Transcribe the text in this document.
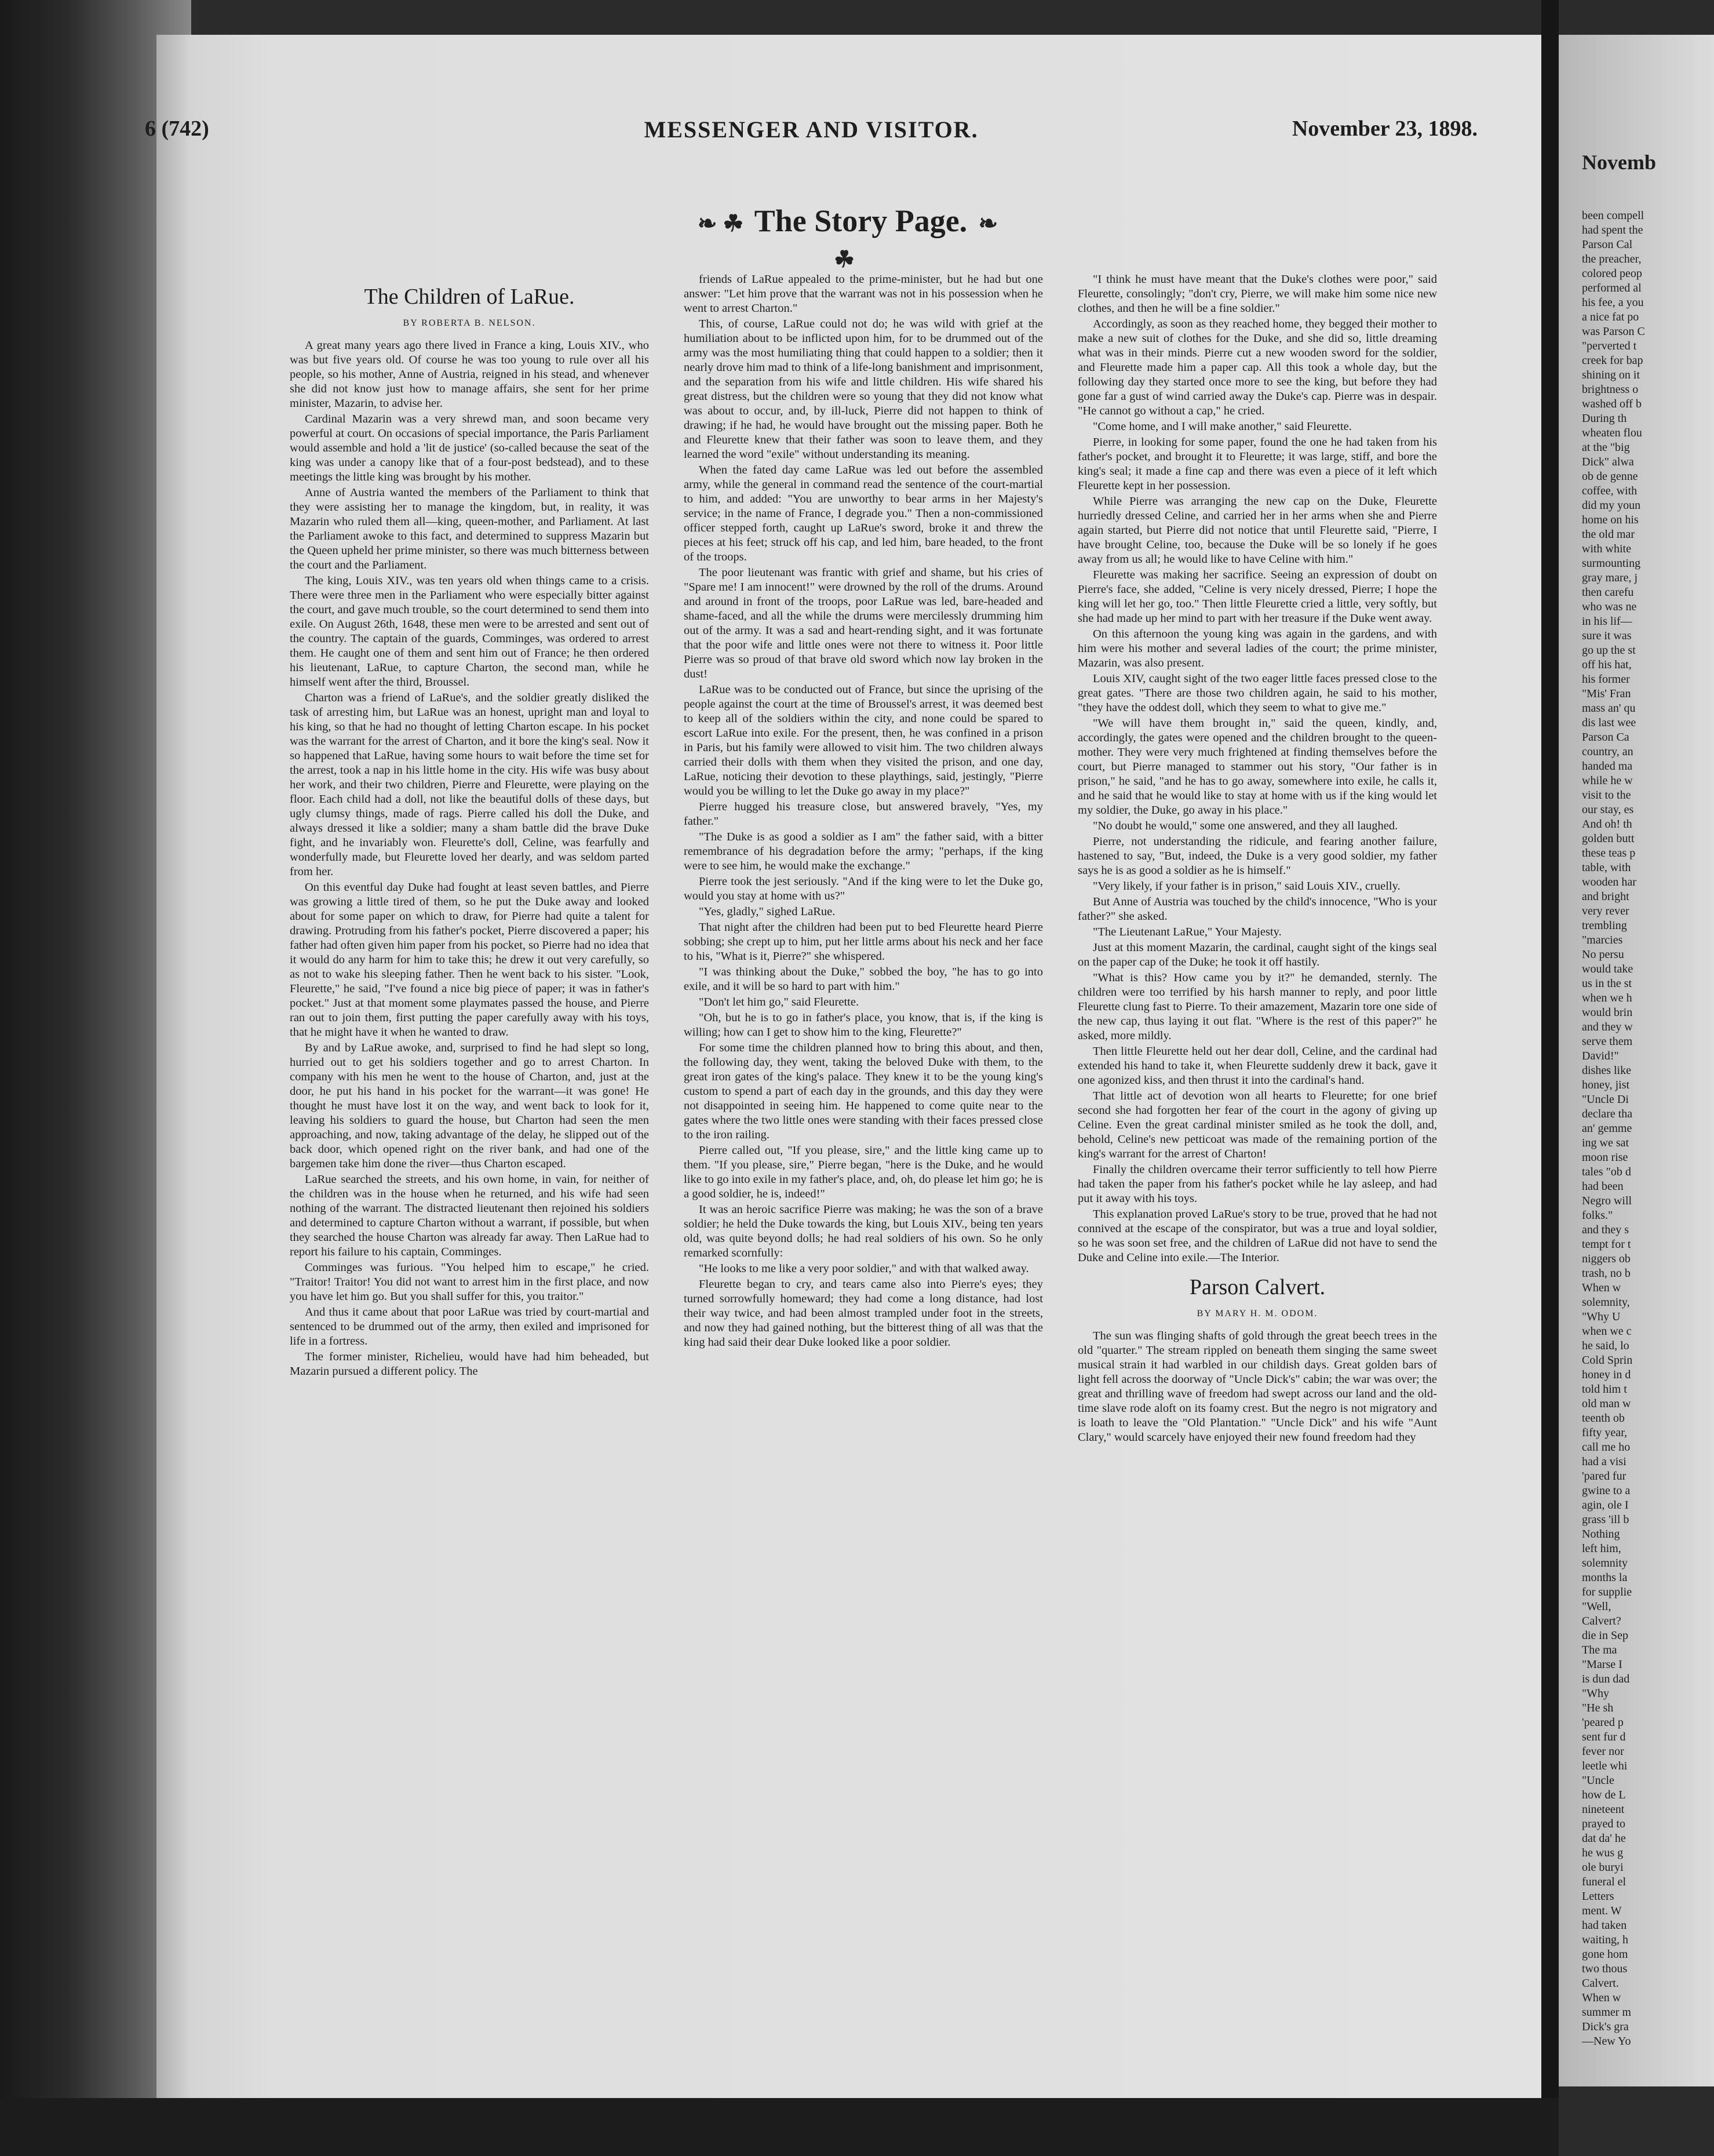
6 (742)	MESSENGER AND VISITOR.	November 23, 1898.
❧ ☘ The Story Page. ❧ ☘
The Children of LaRue.
BY ROBERTA B. NELSON.

A great many years ago there lived in France a king, Louis XIV., who was but five years old. Of course he was too young to rule over all his people, so his mother, Anne of Austria, reigned in his stead, and whenever she did not know just how to manage affairs, she sent for her prime minister, Mazarin, to advise her.

Cardinal Mazarin was a very shrewd man, and soon became very powerful at court. On occasions of special importance, the Paris Parliament would assemble and hold a 'lit de justice' (so-called because the seat of the king was under a canopy like that of a four-post bedstead), and to these meetings the little king was brought by his mother.

Anne of Austria wanted the members of the Parliament to think that they were assisting her to manage the kingdom, but, in reality, it was Mazarin who ruled them all—king, queen-mother, and Parliament. At last the Parliament awoke to this fact, and determined to suppress Mazarin but the Queen upheld her prime minister, so there was much bitterness between the court and the Parliament.

The king, Louis XIV., was ten years old when things came to a crisis. There were three men in the Parliament who were especially bitter against the court, and gave much trouble, so the court determined to send them into exile. On August 26th, 1648, these men were to be arrested and sent out of the country. The captain of the guards, Comminges, was ordered to arrest them. He caught one of them and sent him out of France; he then ordered his lieutenant, LaRue, to capture Charton, the second man, while he himself went after the third, Broussel.

Charton was a friend of LaRue's, and the soldier greatly disliked the task of arresting him, but LaRue was an honest, upright man and loyal to his king, so that he had no thought of letting Charton escape. In his pocket was the warrant for the arrest of Charton, and it bore the king's seal. Now it so happened that LaRue, having some hours to wait before the time set for the arrest, took a nap in his little home in the city. His wife was busy about her work, and their two children, Pierre and Fleurette, were playing on the floor. Each child had a doll, not like the beautiful dolls of these days, but ugly clumsy things, made of rags. Pierre called his doll the Duke, and always dressed it like a soldier; many a sham battle did the brave Duke fight, and he invariably won. Fleurette's doll, Celine, was fearfully and wonderfully made, but Fleurette loved her dearly, and was seldom parted from her.

On this eventful day Duke had fought at least seven battles, and Pierre was growing a little tired of them, so he put the Duke away and looked about for some paper on which to draw, for Pierre had quite a talent for drawing. Protruding from his father's pocket, Pierre discovered a paper; his father had often given him paper from his pocket, so Pierre had no idea that it would do any harm for him to take this; he drew it out very carefully, so as not to wake his sleeping father. Then he went back to his sister. "Look, Fleurette," he said, "I've found a nice big piece of paper; it was in father's pocket." Just at that moment some playmates passed the house, and Pierre ran out to join them, first putting the paper carefully away with his toys, that he might have it when he wanted to draw.

By and by LaRue awoke, and, surprised to find he had slept so long, hurried out to get his soldiers together and go to arrest Charton. In company with his men he went to the house of Charton, and, just at the door, he put his hand in his pocket for the warrant—it was gone! He thought he must have lost it on the way, and went back to look for it, leaving his soldiers to guard the house, but Charton had seen the men approaching, and now, taking advantage of the delay, he slipped out of the back door, which opened right on the river bank, and had one of the bargemen take him done the river—thus Charton escaped.

LaRue searched the streets, and his own home, in vain, for neither of the children was in the house when he returned, and his wife had seen nothing of the warrant. The distracted lieutenant then rejoined his soldiers and determined to capture Charton without a warrant, if possible, but when they searched the house Charton was already far away. Then LaRue had to report his failure to his captain, Comminges.

Comminges was furious. "You helped him to escape," he cried. "Traitor! Traitor! You did not want to arrest him in the first place, and now you have let him go. But you shall suffer for this, you traitor."

And thus it came about that poor LaRue was tried by court-martial and sentenced to be drummed out of the army, then exiled and imprisoned for life in a fortress.

The former minister, Richelieu, would have had him beheaded, but Mazarin pursued a different policy. The

friends of LaRue appealed to the prime-minister, but he had but one answer: "Let him prove that the warrant was not in his possession when he went to arrest Charton."

This, of course, LaRue could not do; he was wild with grief at the humiliation about to be inflicted upon him, for to be drummed out of the army was the most humiliating thing that could happen to a soldier; then it nearly drove him mad to think of a life-long banishment and imprisonment, and the separation from his wife and little children. His wife shared his great distress, but the children were so young that they did not know what was about to occur, and, by ill-luck, Pierre did not happen to think of drawing; if he had, he would have brought out the missing paper. Both he and Fleurette knew that their father was soon to leave them, and they learned the word "exile" without understanding its meaning.

When the fated day came LaRue was led out before the assembled army, while the general in command read the sentence of the court-martial to him, and added: "You are unworthy to bear arms in her Majesty's service; in the name of France, I degrade you." Then a non-commissioned officer stepped forth, caught up LaRue's sword, broke it and threw the pieces at his feet; struck off his cap, and led him, bare headed, to the front of the troops.

The poor lieutenant was frantic with grief and shame, but his cries of "Spare me! I am innocent!" were drowned by the roll of the drums. Around and around in front of the troops, poor LaRue was led, bare-headed and shame-faced, and all the while the drums were mercilessly drumming him out of the army. It was a sad and heart-rending sight, and it was fortunate that the poor wife and little ones were not there to witness it. Poor little Pierre was so proud of that brave old sword which now lay broken in the dust!

LaRue was to be conducted out of France, but since the uprising of the people against the court at the time of Broussel's arrest, it was deemed best to keep all of the soldiers within the city, and none could be spared to escort LaRue into exile. For the present, then, he was confined in a prison in Paris, but his family were allowed to visit him. The two children always carried their dolls with them when they visited the prison, and one day, LaRue, noticing their devotion to these playthings, said, jestingly, "Pierre would you be willing to let the Duke go away in my place?"

Pierre hugged his treasure close, but answered bravely, "Yes, my father."

"The Duke is as good a soldier as I am" the father said, with a bitter remembrance of his degradation before the army; "perhaps, if the king were to see him, he would make the exchange."

Pierre took the jest seriously. "And if the king were to let the Duke go, would you stay at home with us?"

"Yes, gladly," sighed LaRue.

That night after the children had been put to bed Fleurette heard Pierre sobbing; she crept up to him, put her little arms about his neck and her face to his, "What is it, Pierre?" she whispered.

"I was thinking about the Duke," sobbed the boy, "he has to go into exile, and it will be so hard to part with him."

"Don't let him go," said Fleurette.

"Oh, but he is to go in father's place, you know, that is, if the king is willing; how can I get to show him to the king, Fleurette?"

For some time the children planned how to bring this about, and then, the following day, they went, taking the beloved Duke with them, to the great iron gates of the king's palace. They knew it to be the young king's custom to spend a part of each day in the grounds, and this day they were not disappointed in seeing him. He happened to come quite near to the gates where the two little ones were standing with their faces pressed close to the iron railing.

Pierre called out, "If you please, sire," and the little king came up to them. "If you please, sire," Pierre began, "here is the Duke, and he would like to go into exile in my father's place, and, oh, do please let him go; he is a good soldier, he is, indeed!"

It was an heroic sacrifice Pierre was making; he was the son of a brave soldier; he held the Duke towards the king, but Louis XIV., being ten years old, was quite beyond dolls; he had real soldiers of his own. So he only remarked scornfully:

"He looks to me like a very poor soldier," and with that walked away.

Fleurette began to cry, and tears came also into Pierre's eyes; they turned sorrowfully homeward; they had come a long distance, had lost their way twice, and had been almost trampled under foot in the streets, and now they had gained nothing, but the bitterest thing of all was that the king had said their dear Duke looked like a poor soldier.

"I think he must have meant that the Duke's clothes were poor," said Fleurette, consolingly; "don't cry, Pierre, we will make him some nice new clothes, and then he will be a fine soldier."

Accordingly, as soon as they reached home, they begged their mother to make a new suit of clothes for the Duke, and she did so, little dreaming what was in their minds. Pierre cut a new wooden sword for the soldier, and Fleurette made him a paper cap. All this took a whole day, but the following day they started once more to see the king, but before they had gone far a gust of wind carried away the Duke's cap. Pierre was in despair. "He cannot go without a cap," he cried.

"Come home, and I will make another," said Fleurette.

Pierre, in looking for some paper, found the one he had taken from his father's pocket, and brought it to Fleurette; it was large, stiff, and bore the king's seal; it made a fine cap and there was even a piece of it left which Fleurette kept in her possession.

While Pierre was arranging the new cap on the Duke, Fleurette hurriedly dressed Celine, and carried her in her arms when she and Pierre again started, but Pierre did not notice that until Fleurette said, "Pierre, I have brought Celine, too, because the Duke will be so lonely if he goes away from us all; he would like to have Celine with him."

Fleurette was making her sacrifice. Seeing an expression of doubt on Pierre's face, she added, "Celine is very nicely dressed, Pierre; I hope the king will let her go, too." Then little Fleurette cried a little, very softly, but she had made up her mind to part with her treasure if the Duke went away.

On this afternoon the young king was again in the gardens, and with him were his mother and several ladies of the court; the prime minister, Mazarin, was also present.

Louis XIV, caught sight of the two eager little faces pressed close to the great gates. "There are those two children again, he said to his mother, "they have the oddest doll, which they seem to what to give me."

"We will have them brought in," said the queen, kindly, and, accordingly, the gates were opened and the children brought to the queen-mother. They were very much frightened at finding themselves before the court, but Pierre managed to stammer out his story, "Our father is in prison," he said, "and he has to go away, somewhere into exile, he calls it, and he said that he would like to stay at home with us if the king would let my soldier, the Duke, go away in his place."

"No doubt he would," some one answered, and they all laughed.

Pierre, not understanding the ridicule, and fearing another failure, hastened to say, "But, indeed, the Duke is a very good soldier, my father says he is as good a soldier as he is himself."

"Very likely, if your father is in prison," said Louis XIV., cruelly.

But Anne of Austria was touched by the child's innocence, "Who is your father?" she asked.

"The Lieutenant LaRue," Your Majesty.

Just at this moment Mazarin, the cardinal, caught sight of the kings seal on the paper cap of the Duke; he took it off hastily.

"What is this? How came you by it?" he demanded, sternly. The children were too terrified by his harsh manner to reply, and poor little Fleurette clung fast to Pierre. To their amazement, Mazarin tore one side of the new cap, thus laying it out flat. "Where is the rest of this paper?" he asked, more mildly.

Then little Fleurette held out her dear doll, Celine, and the cardinal had extended his hand to take it, when Fleurette suddenly drew it back, gave it one agonized kiss, and then thrust it into the cardinal's hand.

That little act of devotion won all hearts to Fleurette; for one brief second she had forgotten her fear of the court in the agony of giving up Celine. Even the great cardinal minister smiled as he took the doll, and, behold, Celine's new petticoat was made of the remaining portion of the king's warrant for the arrest of Charton!

Finally the children overcame their terror sufficiently to tell how Pierre had taken the paper from his father's pocket while he lay asleep, and had put it away with his toys.

This explanation proved LaRue's story to be true, proved that he had not connived at the escape of the conspirator, but was a true and loyal soldier, so he was soon set free, and the children of LaRue did not have to send the Duke and Celine into exile.—The Interior.

Parson Calvert.
BY MARY H. M. ODOM.

The sun was flinging shafts of gold through the great beech trees in the old "quarter." The stream rippled on beneath them singing the same sweet musical strain it had warbled in our childish days. Great golden bars of light fell across the doorway of "Uncle Dick's" cabin; the war was over; the great and thrilling wave of freedom had swept across our land and the old-time slave rode aloft on its foamy crest. But the negro is not migratory and is loath to leave the "Old Plantation." "Uncle Dick" and his wife "Aunt Clary," would scarcely have enjoyed their new found freedom had they

Novemb
been compell
had spent the
Parson Cal
the preacher,
colored peop
performed al
his fee, a you
a nice fat po
was Parson C
"perverted t
creek for bap
shining on it
brightness o
washed off b
During th
wheaten flou
at the "big
Dick" alwa
ob de genne
coffee, with
did my youn
home on his
the old mar
with white
surmounting
gray mare, j
then carefu
who was ne
in his lif—
sure it was
go up the st
off his hat,
his former
"Mis' Fran
mass an' qu
dis last wee
Parson Ca
country, an
handed ma
while he w
visit to the
our stay, es
And oh! th
golden butt
these teas p
table, with
wooden har
and bright
very rever
trembling
"marcies
No persu
would take
us in the st
when we h
would brin
and they w
serve them
David!"
dishes like
honey, jist
"Uncle Di
declare tha
an' gemme
ing we sat
moon rise
tales "ob d
had been
Negro will
folks."
and they s
tempt for t
niggers ob
trash, no b
When w
solemnity,
"Why U
when we c
he said, lo
Cold Sprin
honey in d
told him t
old man w
teenth ob
fifty year,
call me ho
had a visi
'pared fur
gwine to a
agin, ole I
grass 'ill b
Nothing
left him,
solemnity
months la
for supplie
"Well,
Calvert?
die in Sep
The ma
"Marse I
is dun dad
"Why
"He sh
'peared p
sent fur d
fever nor
leetle whi
"Uncle
how de L
nineteent
prayed to
dat da' he
he wus g
ole buryi
funeral el
Letters
ment. W
had taken
waiting, h
gone hom
two thous
Calvert.
When w
summer m
Dick's gra
—New Yo
